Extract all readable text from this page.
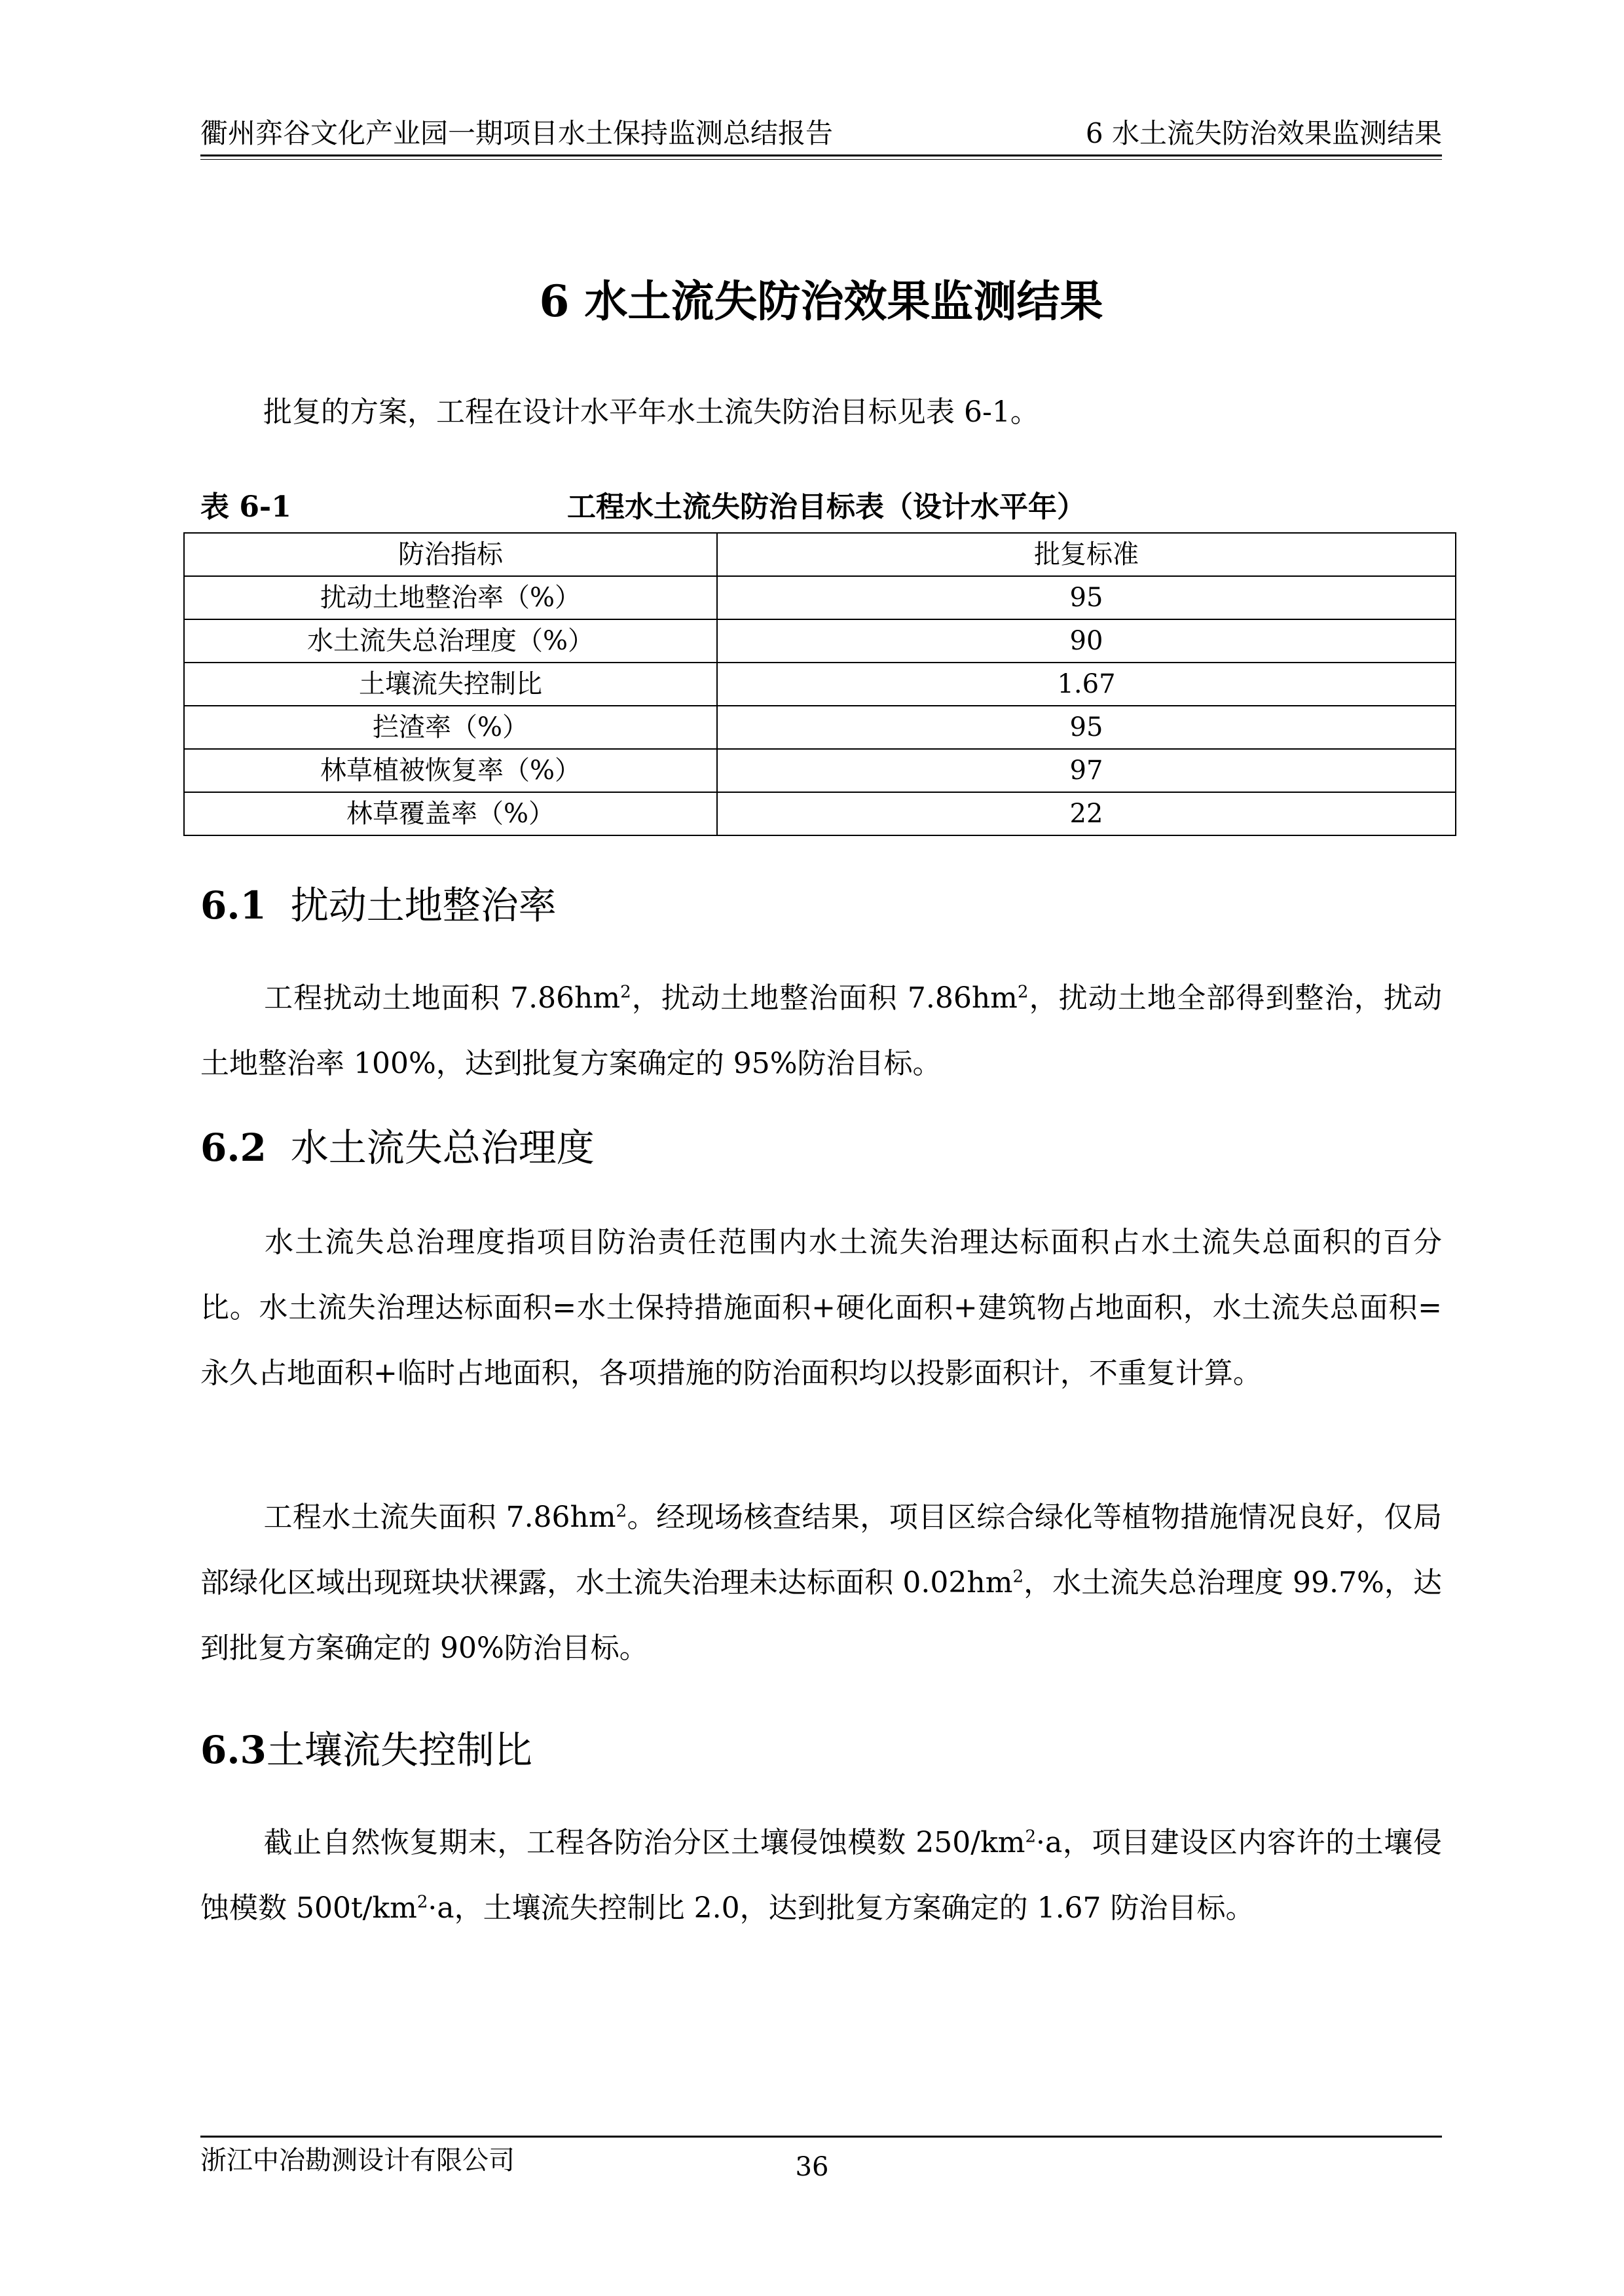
衢州弈谷文化产业园一期项目水土保持监测总结报告	6 水土流失防治效果监测结果
6 水土流失防治效果监测结果
批复的方案，工程在设计水平年水土流失防治目标见表 6-1。
表 6-1	工程水土流失防治目标表（设计水平年）
防治指标	批复标准
扰动土地整治率（%）	95
水土流失总治理度（%）	90
土壤流失控制比	1.67
拦渣率（%）	95
林草植被恢复率（%）	97
林草覆盖率（%）	22
6.1 扰动土地整治率
工程扰动土地面积 $7.86hm^2$，扰动土地整治面积 $7.86hm^2$，扰动土地全部得到整治，扰动土地整治率 100%，达到批复方案确定的 95%防治目标。
6.2 水土流失总治理度
水土流失总治理度指项目防治责任范围内水土流失治理达标面积占水土流失总面积的百分比。水土流失治理达标面积=水土保持措施面积+硬化面积+建筑物占地面积，水土流失总面积=永久占地面积+临时占地面积，各项措施的防治面积均以投影面积计，不重复计算。
工程水土流失面积 $7.86hm^2$。经现场核查结果，项目区综合绿化等植物措施情况良好，仅局部绿化区域出现斑块状裸露，水土流失治理未达标面积 $0.02hm^2$，水土流失总治理度 99.7%，达到批复方案确定的 90%防治目标。
6.3土壤流失控制比
截止自然恢复期末，工程各防治分区土壤侵蚀模数 $250/km^2\cdot a$，项目建设区内容许的土壤侵蚀模数 $500t/km^2\cdot a$，土壤流失控制比 2.0，达到批复方案确定的 1.67 防治目标。
浙江中冶勘测设计有限公司	36
